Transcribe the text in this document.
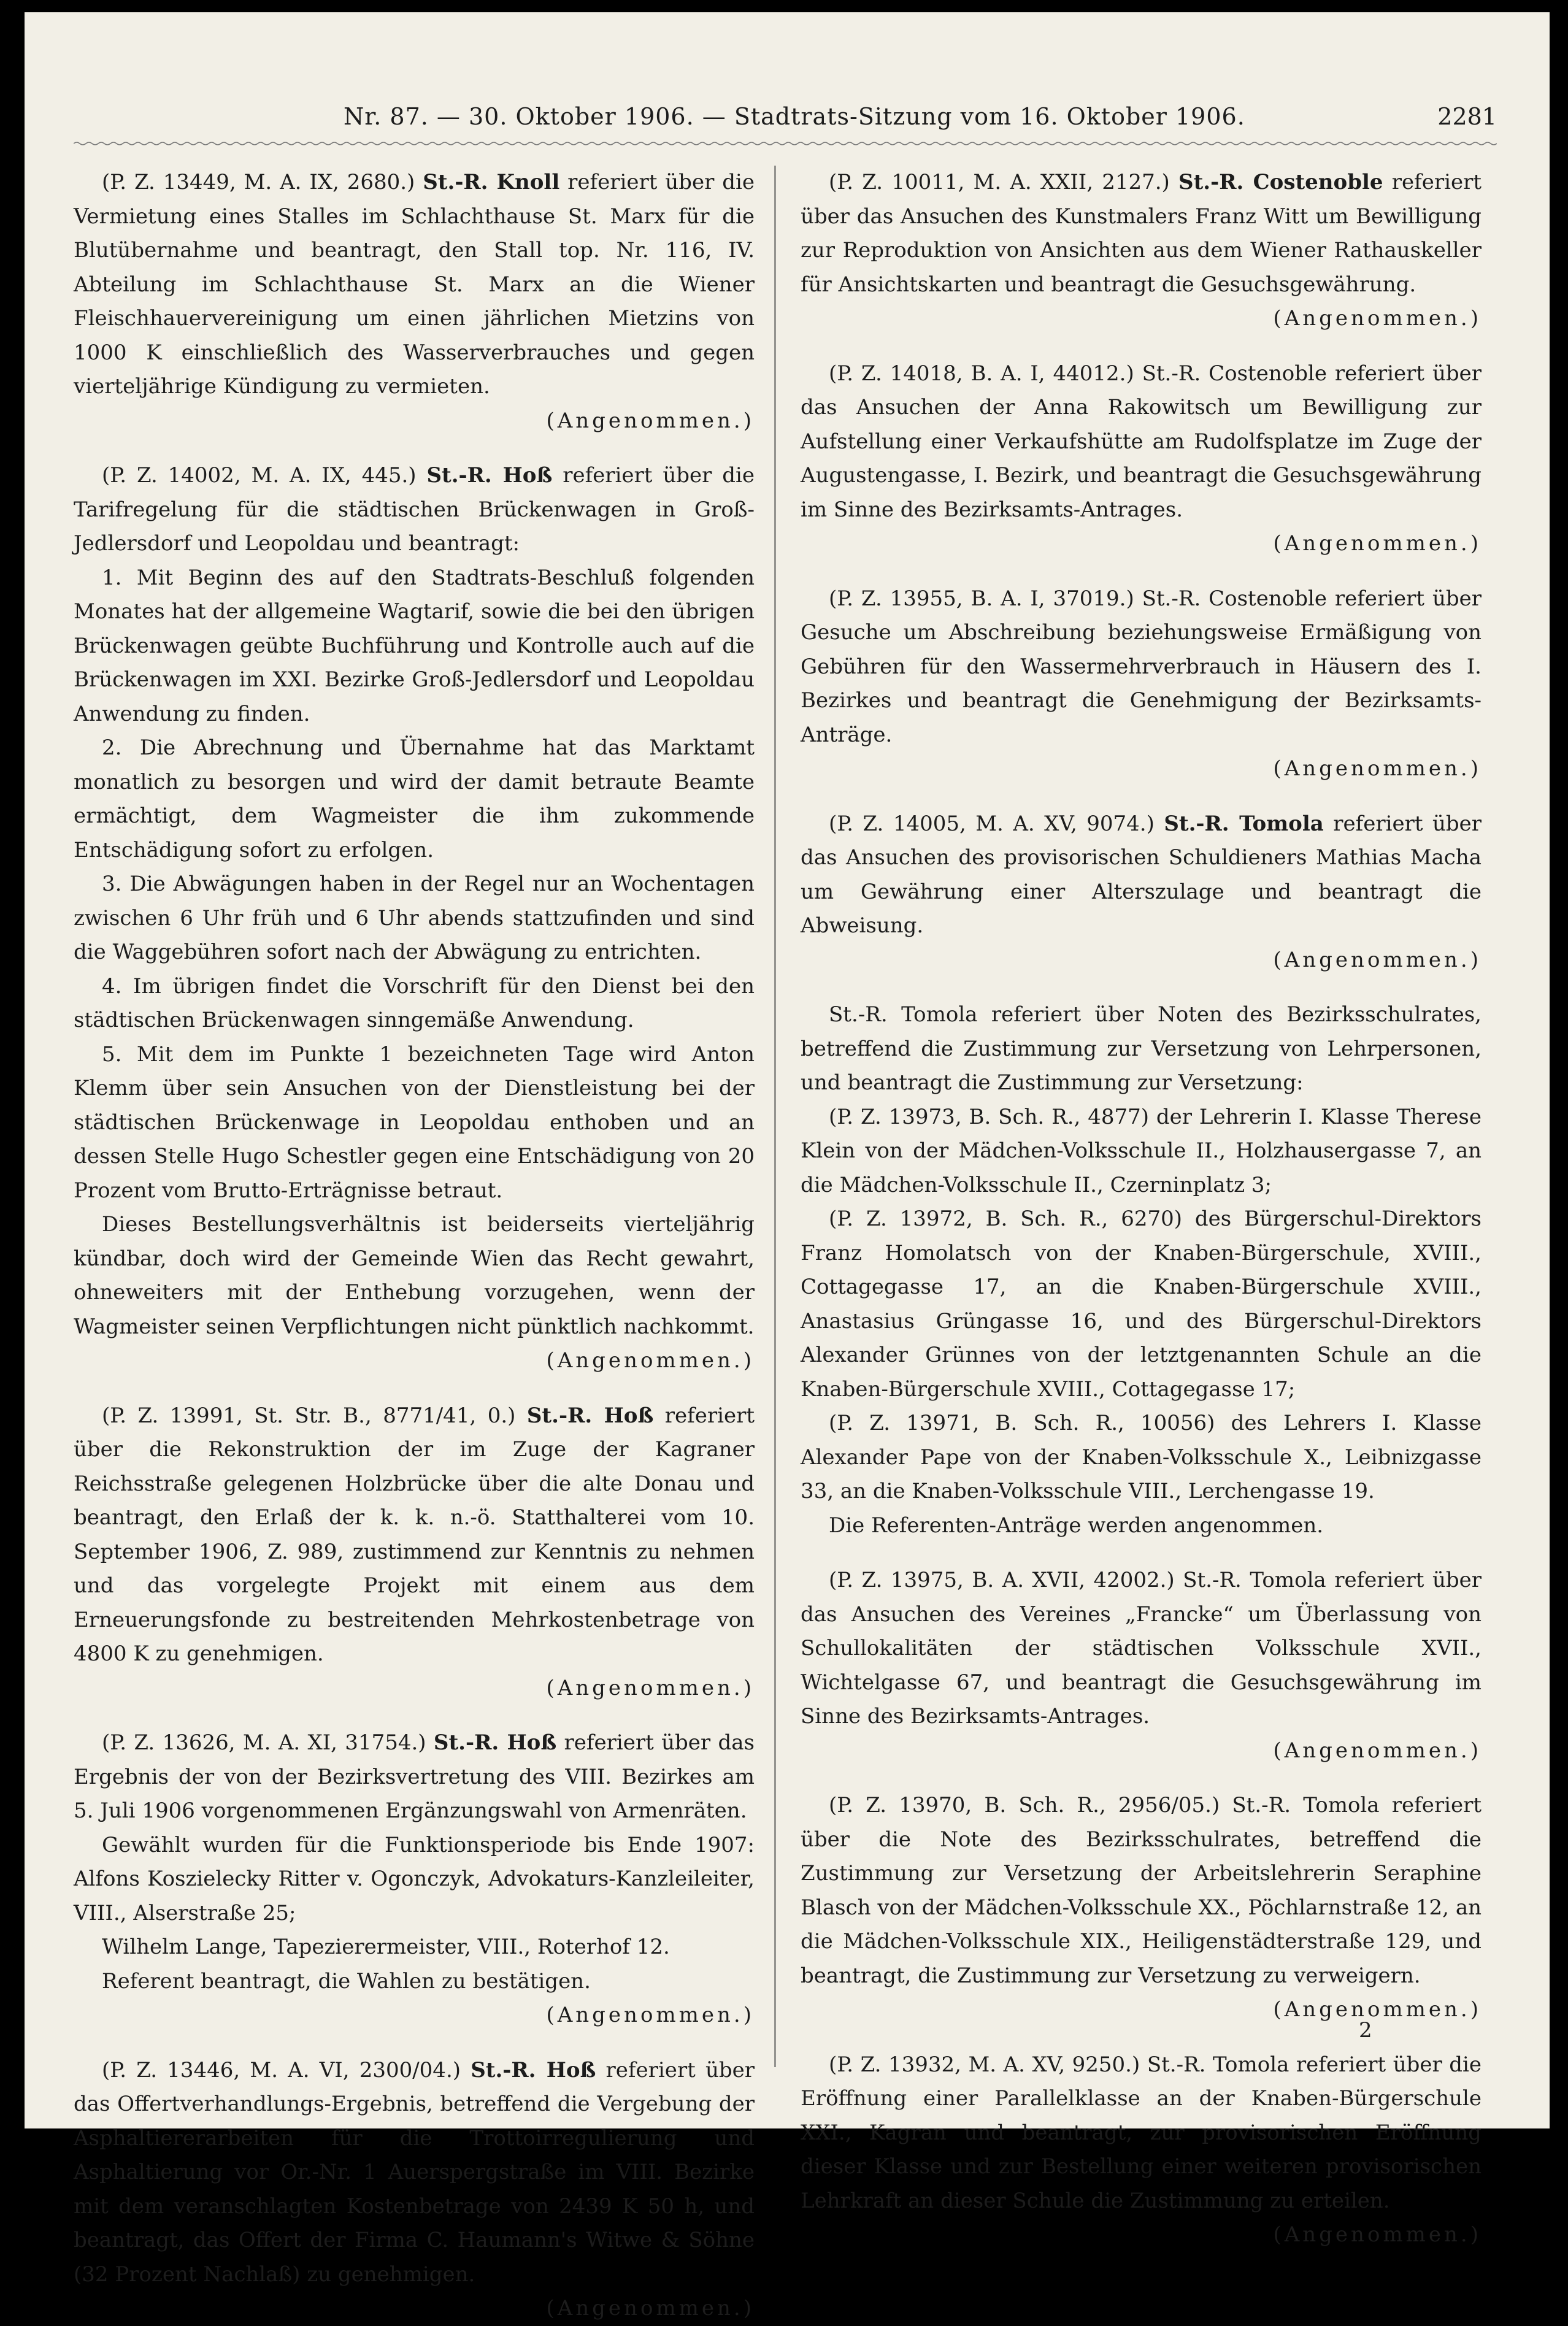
Nr. 87. — 30. Oktober 1906. — Stadtrats-Sitzung vom 16. Oktober 1906.	2281

(P. Z. 13449, M. A. IX, 2680.) St.-R. Knoll referiert über die Vermietung eines Stalles im Schlachthause St. Marx für die Blutübernahme und beantragt, den Stall top. Nr. 116, IV. Abteilung im Schlachthause St. Marx an die Wiener Fleischhauervereinigung um einen jährlichen Mietzins von 1000 K einschließlich des Wasserverbrauches und gegen vierteljährige Kündigung zu vermieten.

(Angenommen.)

(P. Z. 14002, M. A. IX, 445.) St.-R. Hoß referiert über die Tarifregelung für die städtischen Brückenwagen in Groß-Jedlersdorf und Leopoldau und beantragt:

1. Mit Beginn des auf den Stadtrats-Beschluß folgenden Monates hat der allgemeine Wagtarif, sowie die bei den übrigen Brückenwagen geübte Buchführung und Kontrolle auch auf die Brückenwagen im XXI. Bezirke Groß-Jedlersdorf und Leopoldau Anwendung zu finden.

2. Die Abrechnung und Übernahme hat das Marktamt monatlich zu besorgen und wird der damit betraute Beamte ermächtigt, dem Wagmeister die ihm zukommende Entschädigung sofort zu erfolgen.

3. Die Abwägungen haben in der Regel nur an Wochentagen zwischen 6 Uhr früh und 6 Uhr abends stattzufinden und sind die Waggebühren sofort nach der Abwägung zu entrichten.

4. Im übrigen findet die Vorschrift für den Dienst bei den städtischen Brückenwagen sinngemäße Anwendung.

5. Mit dem im Punkte 1 bezeichneten Tage wird Anton Klemm über sein Ansuchen von der Dienstleistung bei der städtischen Brückenwage in Leopoldau enthoben und an dessen Stelle Hugo Schestler gegen eine Entschädigung von 20 Prozent vom Brutto-Erträgnisse betraut.

Dieses Bestellungsverhältnis ist beiderseits vierteljährig kündbar, doch wird der Gemeinde Wien das Recht gewahrt, ohneweiters mit der Enthebung vorzugehen, wenn der Wagmeister seinen Verpflichtungen nicht pünktlich nachkommt.

(Angenommen.)

(P. Z. 13991, St. Str. B., 8771/41, 0.) St.-R. Hoß referiert über die Rekonstruktion der im Zuge der Kagraner Reichsstraße gelegenen Holzbrücke über die alte Donau und beantragt, den Erlaß der k. k. n.-ö. Statthalterei vom 10. September 1906, Z. 989, zustimmend zur Kenntnis zu nehmen und das vorgelegte Projekt mit einem aus dem Erneuerungsfonde zu bestreitenden Mehrkostenbetrage von 4800 K zu genehmigen.

(Angenommen.)

(P. Z. 13626, M. A. XI, 31754.) St.-R. Hoß referiert über das Ergebnis der von der Bezirksvertretung des VIII. Bezirkes am 5. Juli 1906 vorgenommenen Ergänzungswahl von Armenräten.

Gewählt wurden für die Funktionsperiode bis Ende 1907: Alfons Koszielecky Ritter v. Ogonczyk, Advokaturs-Kanzleileiter, VIII., Alserstraße 25;

Wilhelm Lange, Tapezierermeister, VIII., Roterhof 12.

Referent beantragt, die Wahlen zu bestätigen.

(Angenommen.)

(P. Z. 13446, M. A. VI, 2300/04.) St.-R. Hoß referiert über das Offertverhandlungs-Ergebnis, betreffend die Vergebung der Asphaltiererarbeiten für die Trottoirregulierung und Asphaltierung vor Or.-Nr. 1 Auerspergstraße im VIII. Bezirke mit dem veranschlagten Kostenbetrage von 2439 K 50 h, und beantragt, das Offert der Firma C. Haumann's Witwe & Söhne (32 Prozent Nachlaß) zu genehmigen.

(Angenommen.)

(P. Z. 10011, M. A. XXII, 2127.) St.-R. Costenoble referiert über das Ansuchen des Kunstmalers Franz Witt um Bewilligung zur Reproduktion von Ansichten aus dem Wiener Rathauskeller für Ansichtskarten und beantragt die Gesuchsgewährung.

(Angenommen.)

(P. Z. 14018, B. A. I, 44012.) St.-R. Costenoble referiert über das Ansuchen der Anna Rakowitsch um Bewilligung zur Aufstellung einer Verkaufshütte am Rudolfsplatze im Zuge der Augustengasse, I. Bezirk, und beantragt die Gesuchsgewährung im Sinne des Bezirksamts-Antrages.

(Angenommen.)

(P. Z. 13955, B. A. I, 37019.) St.-R. Costenoble referiert über Gesuche um Abschreibung beziehungsweise Ermäßigung von Gebühren für den Wassermehrverbrauch in Häusern des I. Bezirkes und beantragt die Genehmigung der Bezirksamts-Anträge.

(Angenommen.)

(P. Z. 14005, M. A. XV, 9074.) St.-R. Tomola referiert über das Ansuchen des provisorischen Schuldieners Mathias Macha um Gewährung einer Alterszulage und beantragt die Abweisung.

(Angenommen.)

St.-R. Tomola referiert über Noten des Bezirksschulrates, betreffend die Zustimmung zur Versetzung von Lehrpersonen, und beantragt die Zustimmung zur Versetzung:

(P. Z. 13973, B. Sch. R., 4877) der Lehrerin I. Klasse Therese Klein von der Mädchen-Volksschule II., Holzhausergasse 7, an die Mädchen-Volksschule II., Czerninplatz 3;

(P. Z. 13972, B. Sch. R., 6270) des Bürgerschul-Direktors Franz Homolatsch von der Knaben-Bürgerschule, XVIII., Cottagegasse 17, an die Knaben-Bürgerschule XVIII., Anastasius Grüngasse 16, und des Bürgerschul-Direktors Alexander Grünnes von der letztgenannten Schule an die Knaben-Bürgerschule XVIII., Cottagegasse 17;

(P. Z. 13971, B. Sch. R., 10056) des Lehrers I. Klasse Alexander Pape von der Knaben-Volksschule X., Leibnizgasse 33, an die Knaben-Volksschule VIII., Lerchengasse 19.

Die Referenten-Anträge werden angenommen.

(P. Z. 13975, B. A. XVII, 42002.) St.-R. Tomola referiert über das Ansuchen des Vereines „Francke“ um Überlassung von Schullokalitäten der städtischen Volksschule XVII., Wichtelgasse 67, und beantragt die Gesuchsgewährung im Sinne des Bezirksamts-Antrages.

(Angenommen.)

(P. Z. 13970, B. Sch. R., 2956/05.) St.-R. Tomola referiert über die Note des Bezirksschulrates, betreffend die Zustimmung zur Versetzung der Arbeitslehrerin Seraphine Blasch von der Mädchen-Volksschule XX., Pöchlarnstraße 12, an die Mädchen-Volksschule XIX., Heiligenstädterstraße 129, und beantragt, die Zustimmung zur Versetzung zu verweigern.

(Angenommen.)

(P. Z. 13932, M. A. XV, 9250.) St.-R. Tomola referiert über die Eröffnung einer Parallelklasse an der Knaben-Bürgerschule XXI., Kagran und beantragt, zur provisorischen Eröffnung dieser Klasse und zur Bestellung einer weiteren provisorischen Lehrkraft an dieser Schule die Zustimmung zu erteilen.

(Angenommen.)

2
